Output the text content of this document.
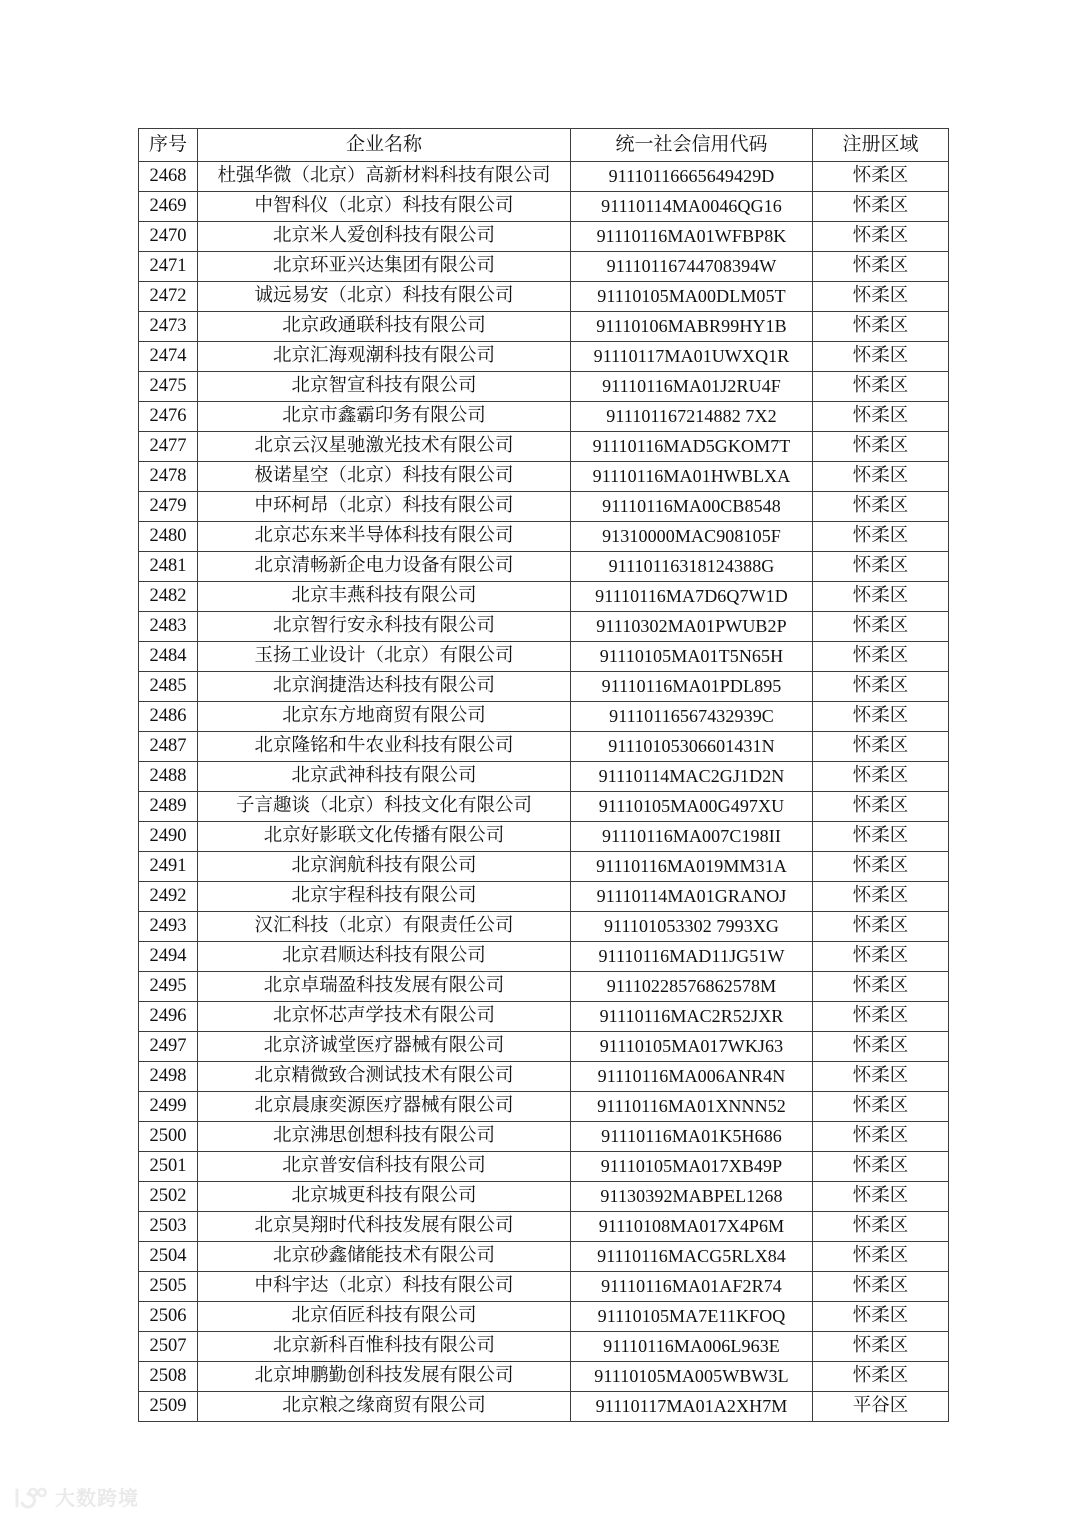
序号	企业名称	统一社会信用代码	注册区域
2468	杜强华微（北京）高新材料科技有限公司	91110116665649429D	怀柔区
2469	中智科仪（北京）科技有限公司	91110114MA0046QG16	怀柔区
2470	北京米人爱创科技有限公司	91110116MA01WFBP8K	怀柔区
2471	北京环亚兴达集团有限公司	91110116744708394W	怀柔区
2472	诚远易安（北京）科技有限公司	91110105MA00DLM05T	怀柔区
2473	北京政通联科技有限公司	91110106MABR99HY1B	怀柔区
2474	北京汇海观潮科技有限公司	91110117MA01UWXQ1R	怀柔区
2475	北京智宣科技有限公司	91110116MA01J2RU4F	怀柔区
2476	北京市鑫霸印务有限公司	911101167214882 7X2	怀柔区
2477	北京云汉星驰激光技术有限公司	91110116MAD5GKOM7T	怀柔区
2478	极诺星空（北京）科技有限公司	91110116MA01HWBLXA	怀柔区
2479	中环柯昂（北京）科技有限公司	91110116MA00CB8548	怀柔区
2480	北京芯东来半导体科技有限公司	91310000MAC908105F	怀柔区
2481	北京清畅新企电力设备有限公司	91110116318124388G	怀柔区
2482	北京丰燕科技有限公司	91110116MA7D6Q7W1D	怀柔区
2483	北京智行安永科技有限公司	91110302MA01PWUB2P	怀柔区
2484	玉扬工业设计（北京）有限公司	91110105MA01T5N65H	怀柔区
2485	北京润捷浩达科技有限公司	91110116MA01PDL895	怀柔区
2486	北京东方地商贸有限公司	91110116567432939C	怀柔区
2487	北京隆铭和牛农业科技有限公司	91110105306601431N	怀柔区
2488	北京武神科技有限公司	91110114MAC2GJ1D2N	怀柔区
2489	子言趣谈（北京）科技文化有限公司	91110105MA00G497XU	怀柔区
2490	北京好影联文化传播有限公司	91110116MA007C198II	怀柔区
2491	北京润航科技有限公司	91110116MA019MM31A	怀柔区
2492	北京宇程科技有限公司	91110114MA01GRANOJ	怀柔区
2493	汉汇科技（北京）有限责任公司	911101053302 7993XG	怀柔区
2494	北京君顺达科技有限公司	91110116MAD11JG51W	怀柔区
2495	北京卓瑞盈科技发展有限公司	91110228576862578M	怀柔区
2496	北京怀芯声学技术有限公司	91110116MAC2R52JXR	怀柔区
2497	北京济诚堂医疗器械有限公司	91110105MA017WKJ63	怀柔区
2498	北京精微致合测试技术有限公司	91110116MA006ANR4N	怀柔区
2499	北京晨康奕源医疗器械有限公司	91110116MA01XNNN52	怀柔区
2500	北京沸思创想科技有限公司	91110116MA01K5H686	怀柔区
2501	北京普安信科技有限公司	91110105MA017XB49P	怀柔区
2502	北京城更科技有限公司	91130392MABPEL1268	怀柔区
2503	北京昊翔时代科技发展有限公司	91110108MA017X4P6M	怀柔区
2504	北京砂鑫储能技术有限公司	91110116MACG5RLX84	怀柔区
2505	中科宇达（北京）科技有限公司	91110116MA01AF2R74	怀柔区
2506	北京佰匠科技有限公司	91110105MA7E11KFOQ	怀柔区
2507	北京新科百惟科技有限公司	91110116MA006L963E	怀柔区
2508	北京坤鹏勤创科技发展有限公司	91110105MA005WBW3L	怀柔区
2509	北京粮之缘商贸有限公司	91110117MA01A2XH7M	平谷区
大数跨境
